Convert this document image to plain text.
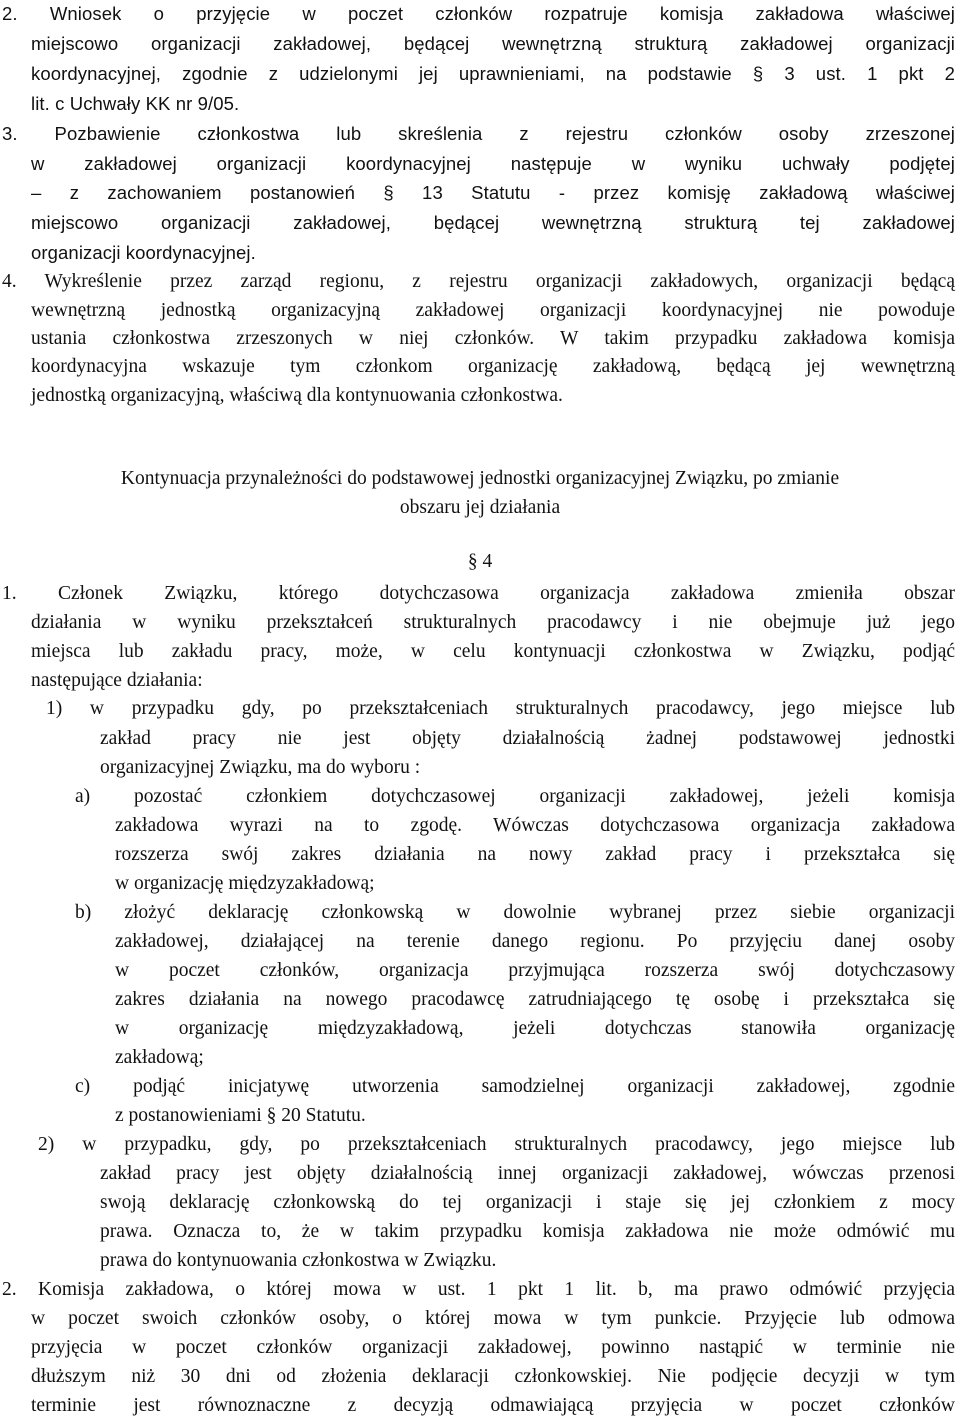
2. Wniosek o przyjęcie w poczet członków rozpatruje komisja zakładowa właściwej
miejscowo organizacji zakładowej, będącej wewnętrzną strukturą zakładowej organizacji
koordynacyjnej, zgodnie z udzielonymi jej uprawnieniami, na podstawie § 3 ust. 1 pkt 2
lit. c Uchwały KK nr 9/05.
3. Pozbawienie członkostwa lub skreślenia z rejestru członków osoby zrzeszonej
w zakładowej organizacji koordynacyjnej następuje w wyniku uchwały podjętej
– z zachowaniem postanowień § 13 Statutu - przez komisję zakładową właściwej
miejscowo organizacji zakładowej, będącej wewnętrzną strukturą tej zakładowej
organizacji koordynacyjnej.
4. Wykreślenie przez zarząd regionu, z rejestru organizacji zakładowych, organizacji będącą
wewnętrzną jednostką organizacyjną zakładowej organizacji koordynacyjnej nie powoduje
ustania członkostwa zrzeszonych w niej członków. W takim przypadku zakładowa komisja
koordynacyjna wskazuje tym członkom organizację zakładową, będącą jej wewnętrzną
jednostką organizacyjną, właściwą dla kontynuowania członkostwa.
Kontynuacja przynależności do podstawowej jednostki organizacyjnej Związku, po zmianie
obszaru jej działania
§ 4
1. Członek Związku, którego dotychczasowa organizacja zakładowa zmieniła obszar
działania w wyniku przekształceń strukturalnych pracodawcy i nie obejmuje już jego
miejsca lub zakładu pracy, może, w celu kontynuacji członkostwa w Związku, podjąć
następujące działania:
1) w przypadku gdy, po przekształceniach strukturalnych pracodawcy, jego miejsce lub
zakład pracy nie jest objęty działalnością żadnej podstawowej jednostki
organizacyjnej Związku, ma do wyboru :
a) pozostać członkiem dotychczasowej organizacji zakładowej, jeżeli komisja
zakładowa wyrazi na to zgodę. Wówczas dotychczasowa organizacja zakładowa
rozszerza swój zakres działania na nowy zakład pracy i przekształca się
w organizację międzyzakładową;
b) złożyć deklarację członkowską w dowolnie wybranej przez siebie organizacji
zakładowej, działającej na terenie danego regionu. Po przyjęciu danej osoby
w poczet członków, organizacja przyjmująca rozszerza swój dotychczasowy
zakres działania na nowego pracodawcę zatrudniającego tę osobę i przekształca się
w organizację międzyzakładową, jeżeli dotychczas stanowiła organizację
zakładową;
c) podjąć inicjatywę utworzenia samodzielnej organizacji zakładowej, zgodnie
z postanowieniami § 20 Statutu.
2) w przypadku, gdy, po przekształceniach strukturalnych pracodawcy, jego miejsce lub
zakład pracy jest objęty działalnością innej organizacji zakładowej, wówczas przenosi
swoją deklarację członkowską do tej organizacji i staje się jej członkiem z mocy
prawa. Oznacza to, że w takim przypadku komisja zakładowa nie może odmówić mu
prawa do kontynuowania członkostwa w Związku.
2. Komisja zakładowa, o której mowa w ust. 1 pkt 1 lit. b, ma prawo odmówić przyjęcia
w poczet swoich członków osoby, o której mowa w tym punkcie. Przyjęcie lub odmowa
przyjęcia w poczet członków organizacji zakładowej, powinno nastąpić w terminie nie
dłuższym niż 30 dni od złożenia deklaracji członkowskiej. Nie podjęcie decyzji w tym
terminie jest równoznaczne z decyzją odmawiającą przyjęcia w poczet członków
